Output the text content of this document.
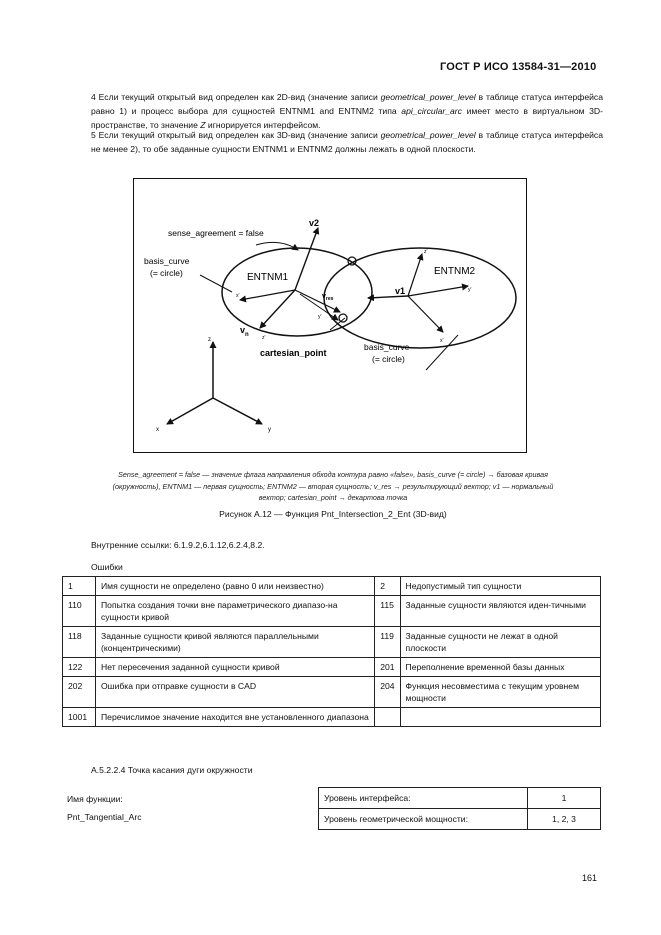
ГОСТ Р ИСО 13584-31—2010
4 Если текущий открытый вид определен как 2D-вид (значение записи geometrical_power_level в таблице статуса интерфейса равно 1) и процесс выбора для сущностей ENTNM1 and ENTNM2 типа api_circular_arc имеет место в виртуальном 3D-пространстве, то значение Z игнорируется интерфейсом.
5 Если текущий открытый вид определен как 3D-вид (значение записи geometrical_power_level в таблице статуса интерфейса не менее 2), то обе заданные сущности ENTNM1 и ENTNM2 должны лежать в одной плоскости.
sense_agreement = false
v2
basis_curve
(= circle)	ENTNM1
ENTNM2
v1
$v_{res}$
$v_n$
cartesian_point
basis_curve
(= circle)
z
x	y
x'
z'
y'
z'
y'
x'
Sense_agreement = false — значение флага направления обхода контура равно «false», basis_curve (= circle) → базовая кривая
(окружность), ENTNM1 — первая сущность; ENTNM2 — вторая сущность; v_res → результирующий вектор; v1 — нормальный
вектор; cartesian_point → декартова точка
Рисунок А.12 — Функция Pnt_Intersection_2_Ent (3D-вид)
Внутренние ссылки: 6.1.9.2,6.1.12,6.2.4,8.2.
Ошибки
1	Имя сущности не определено (равно 0 или неизвестно)	2	Недопустимый тип сущности
110	Попытка создания точки вне параметрического диапазо-на сущности кривой	115	Заданные сущности являются иден-тичными
118	Заданные сущности кривой являются параллельными (концентрическими)	119	Заданные сущности не лежат в одной плоскости
122	Нет пересечения заданной сущности кривой	201	Переполнение временной базы данных
202	Ошибка при отправке сущности в CAD	204	Функция несовместима с текущим уровнем мощности
1001	Перечислимое значение находится вне установленного диапазона		
А.5.2.2.4 Точка касания дуги окружности
Имя функции:
Pnt_Tangential_Arc
Уровень интерфейса:	1
Уровень геометрической мощности:	1, 2, 3
161
